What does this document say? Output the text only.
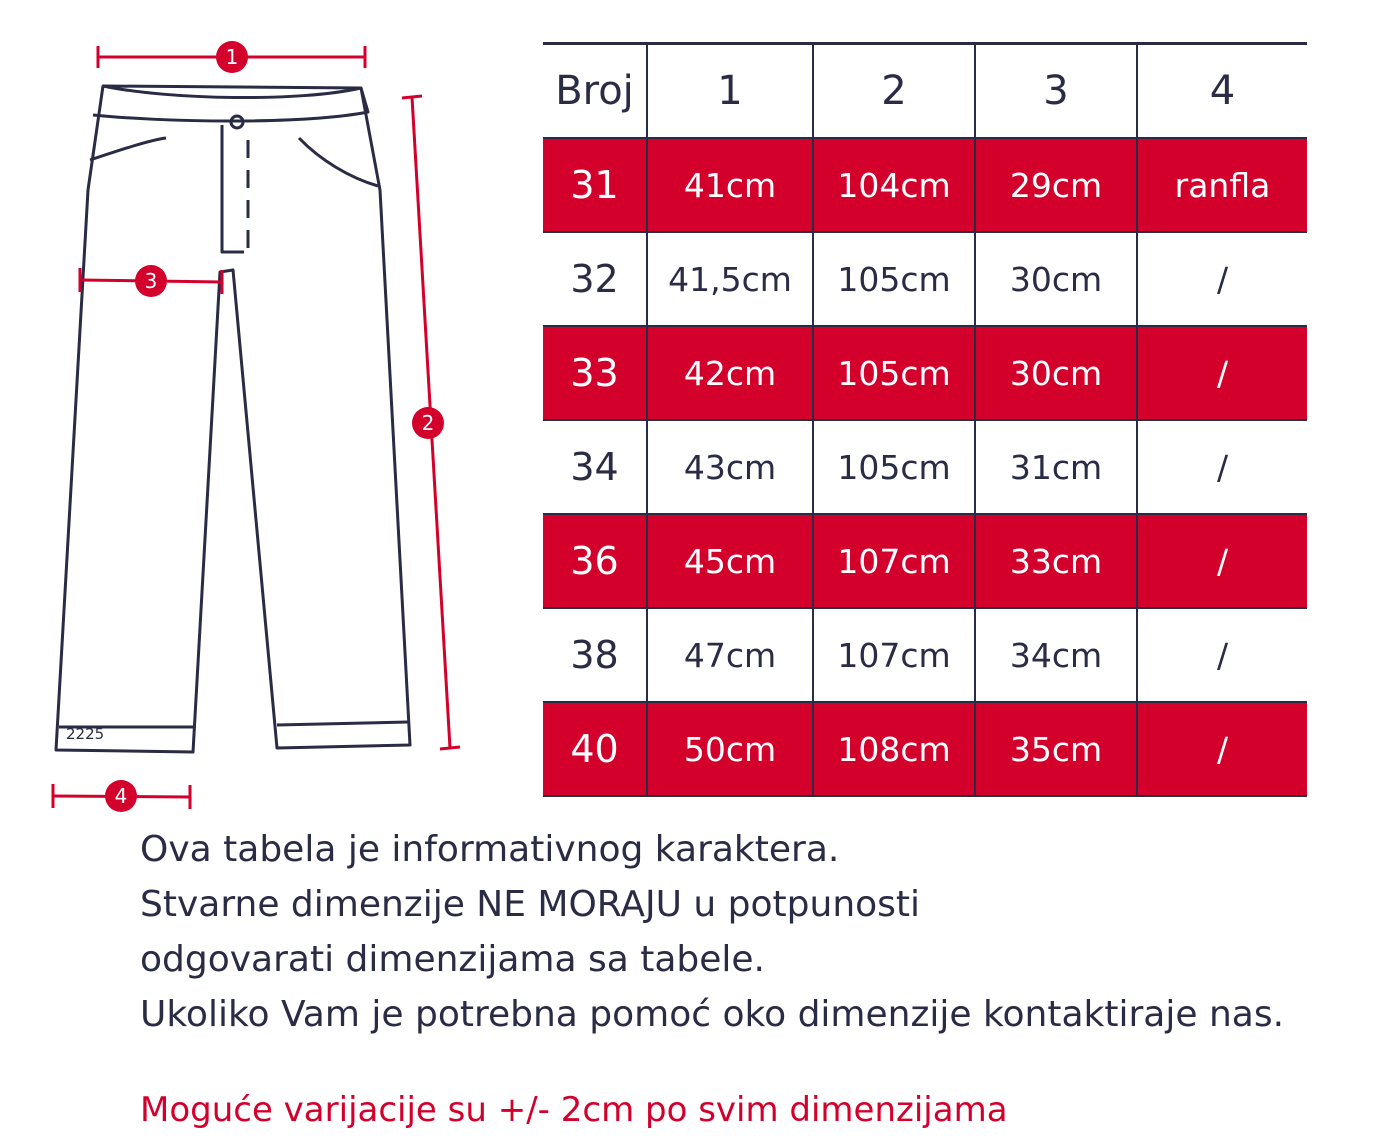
1
2
3
4
2225
Broj	1	2	3	4
31	41cm	104cm	29cm	ranfla
32	41,5cm	105cm	30cm	/
33	42cm	105cm	30cm	/
34	43cm	105cm	31cm	/
36	45cm	107cm	33cm	/
38	47cm	107cm	34cm	/
40	50cm	108cm	35cm	/

Ova tabela je informativnog karaktera.
Stvarne dimenzije NE MORAJU u potpunosti
odgovarati dimenzijama sa tabele.
Ukoliko Vam je potrebna pomoć oko dimenzije kontaktiraje nas.

Moguće varijacije su +/- 2cm po svim dimenzijama
